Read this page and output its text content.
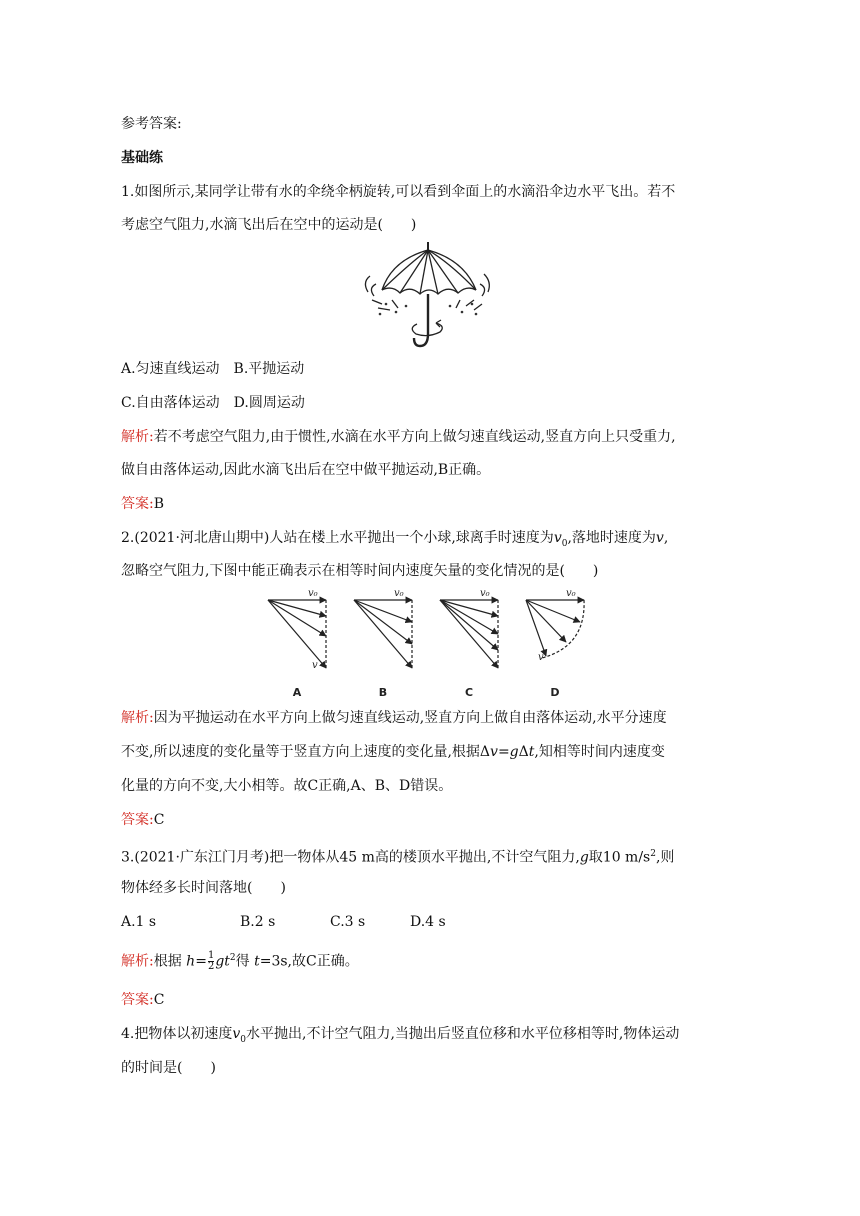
参考答案:
基础练
1.如图所示,某同学让带有水的伞绕伞柄旋转,可以看到伞面上的水滴沿伞边水平飞出。若不
考虑空气阻力,水滴飞出后在空中的运动是(　　)
A.匀速直线运动　B.平抛运动
C.自由落体运动　D.圆周运动
解析:若不考虑空气阻力,由于惯性,水滴在水平方向上做匀速直线运动,竖直方向上只受重力,
做自由落体运动,因此水滴飞出后在空中做平抛运动,B正确。
答案:B
2.(2021·河北唐山期中)人站在楼上水平抛出一个小球,球离手时速度为$v_0$,落地时速度为v,
忽略空气阻力,下图中能正确表示在相等时间内速度矢量的变化情况的是(　　)
v₀	v₀	v₀	v₀
v
v
A	B	C	D
解析:因为平抛运动在水平方向上做匀速直线运动,竖直方向上做自由落体运动,水平分速度
不变,所以速度的变化量等于竖直方向上速度的变化量,根据Δv=gΔt,知相等时间内速度变
化量的方向不变,大小相等。故C正确,A、B、D错误。
答案:C
3.(2021·广东江门月考)把一物体从45 m高的楼顶水平抛出,不计空气阻力,g取10 $m/s^2$,则
物体经多长时间落地(　　)
A.1 s	B.2 s	C.3 s	D.4 s
解析:根据 $h= \frac{1}{2} gt^2$得 t=3s,故C正确。
答案:C
4.把物体以初速度$v_0$水平抛出,不计空气阻力,当抛出后竖直位移和水平位移相等时,物体运动
的时间是(　　)
